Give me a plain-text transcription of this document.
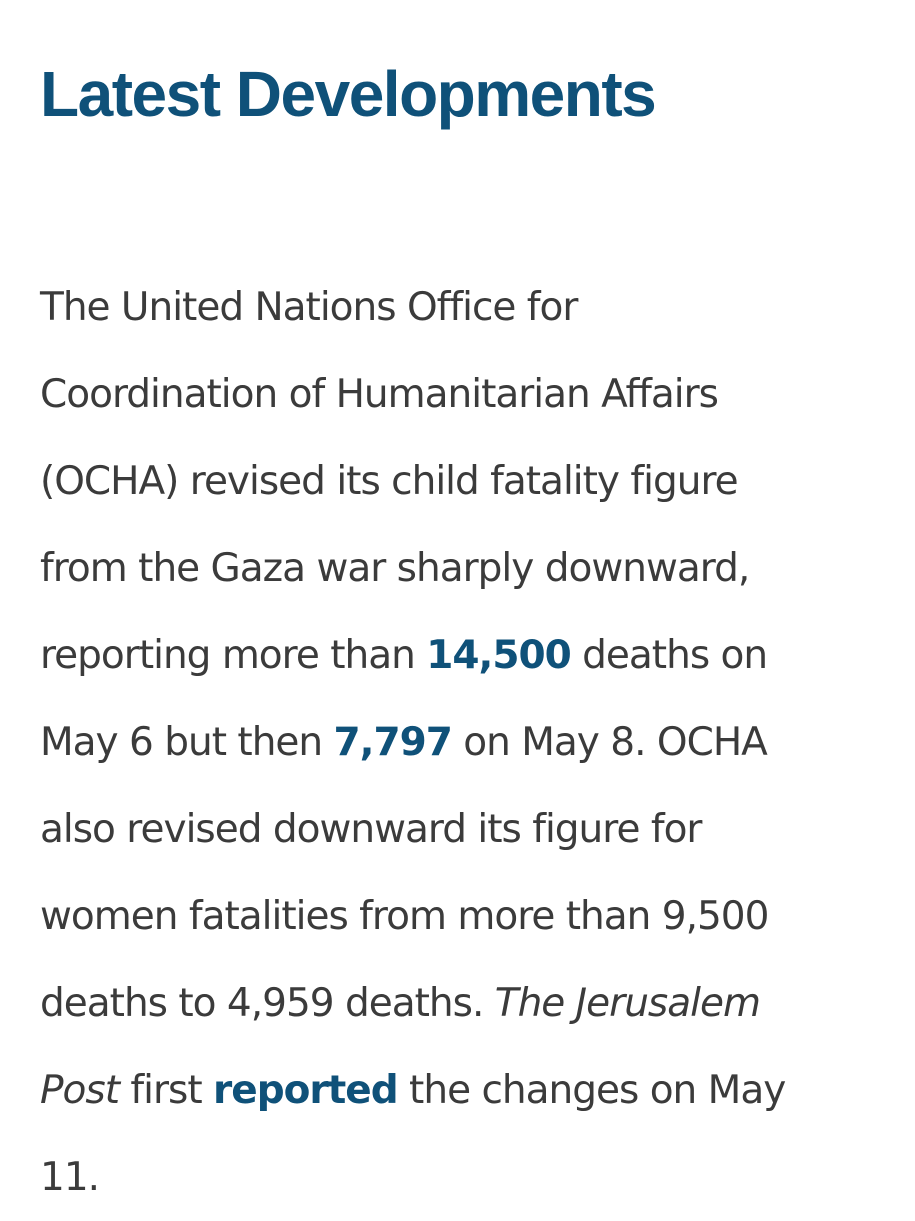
Latest Developments
The United Nations Office for
Coordination of Humanitarian Affairs
(OCHA) revised its child fatality figure
from the Gaza war sharply downward,
reporting more than 14,500 deaths on
May 6 but then 7,797 on May 8. OCHA
also revised downward its figure for
women fatalities from more than 9,500
deaths to 4,959 deaths. The Jerusalem
Post first reported the changes on May
11.
